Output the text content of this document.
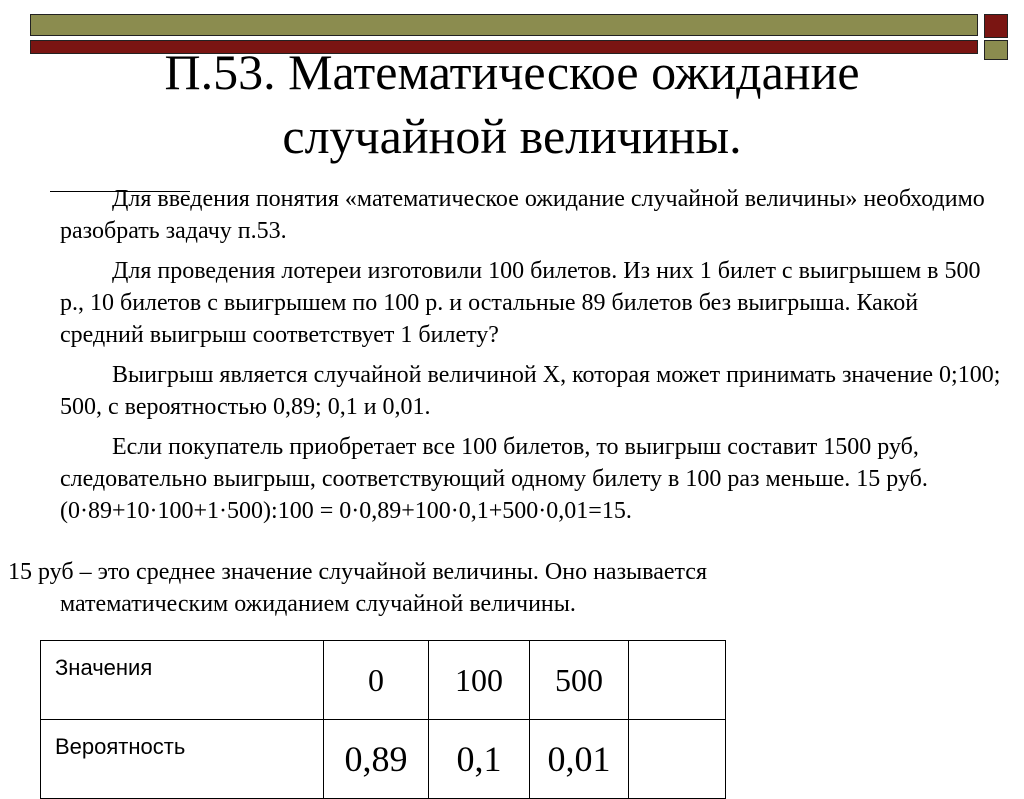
П.53. Математическое ожидание
случайной величины.

Для введения понятия «математическое ожидание случайной величины» необходимо разобрать задачу п.53.

Для проведения лотереи изготовили 100 билетов. Из них 1 билет с выигрышем в 500 р., 10 билетов с выигрышем по 100 р. и остальные 89 билетов без выигрыша. Какой средний выигрыш соответствует 1 билету?

Выигрыш является случайной величиной X, которая может принимать значение 0;100; 500, с вероятностью 0,89; 0,1 и 0,01.

Если покупатель приобретает все 100 билетов, то выигрыш составит 1500 руб, следовательно выигрыш, соответствующий одному билету в 100 раз меньше. 15 руб. (0·89+10·100+1·500):100 = 0·0,89+100·0,1+500·0,01=15.

15 руб – это среднее значение случайной величины. Оно называется
математическим ожиданием случайной величины.
Значения	0	100	500	
Вероятность	0,89	0,1	0,01	
